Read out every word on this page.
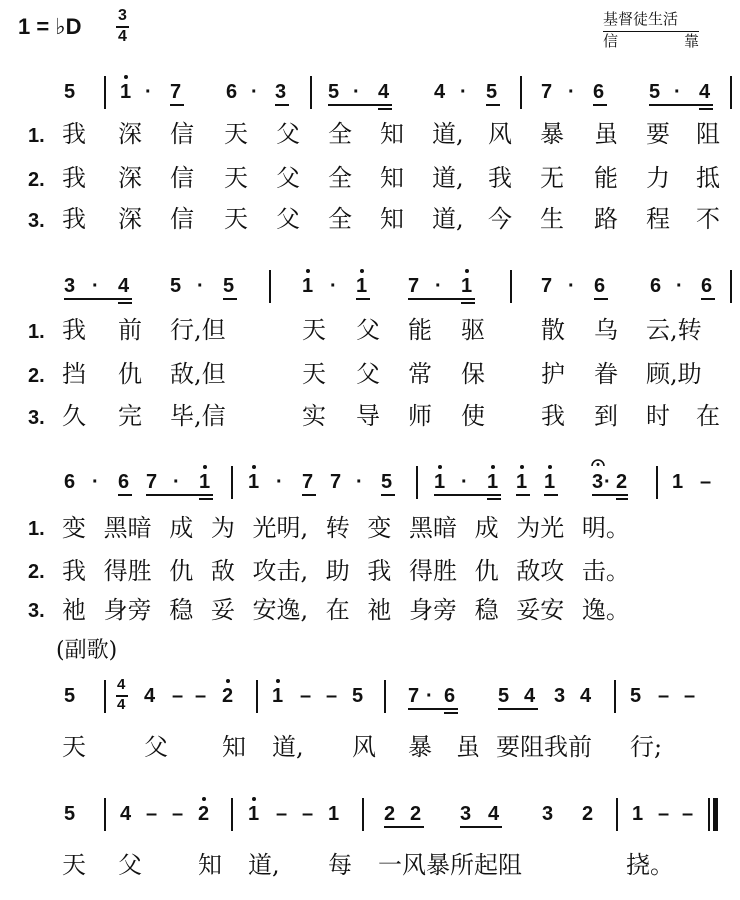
1 = ♭D 3
4
基督徒生活
信靠
5 1 · 7 6 · 3 5 · 4 4 · 5 7 · 6 5 · 4
1.
2.
3.
我 深 信 天 父 全 知 道, 风 暴 虽 要 阻
我 深 信 天 父 全 知 道, 我 无 能 力 抵
我 深 信 天 父 全 知 道, 今 生 路 程 不
3 · 4 5 · 5	1 · 1 7 · 1	7 · 6 6 · 6
1.
2.
3.
我 前 行,但	天 父 能 驱 散 乌 云,转
挡 仇 敌,但	天 父 常 保 护 眷 顾,助
久 完 毕,信	实 导 师 使 我 到 时 在
6 · 6 7 · 1 1 · 7 7 · 5 1 · 1 1 1 3 · 2 1 –
1.
2.
3.
变 黑暗 成 为 光明, 转 变 黑暗 成 为光 明。
我 得胜 仇 敌 攻击, 助 我 得胜 仇 敌攻 击。
祂 身旁 稳 妥 安逸, 在 祂 身旁 稳 妥安 逸。
(副歌)
5
4
4 4 – – 2 1 – – 5 7 · 6 5 4 3 4 5 – –
天 父 知 道, 风 暴 虽 要阻我前 行;
5 4 – – 2 1 – – 1 2 2 3 4 3 2 1 – –
天 父 知 道, 每 一风暴所起阻	挠。
